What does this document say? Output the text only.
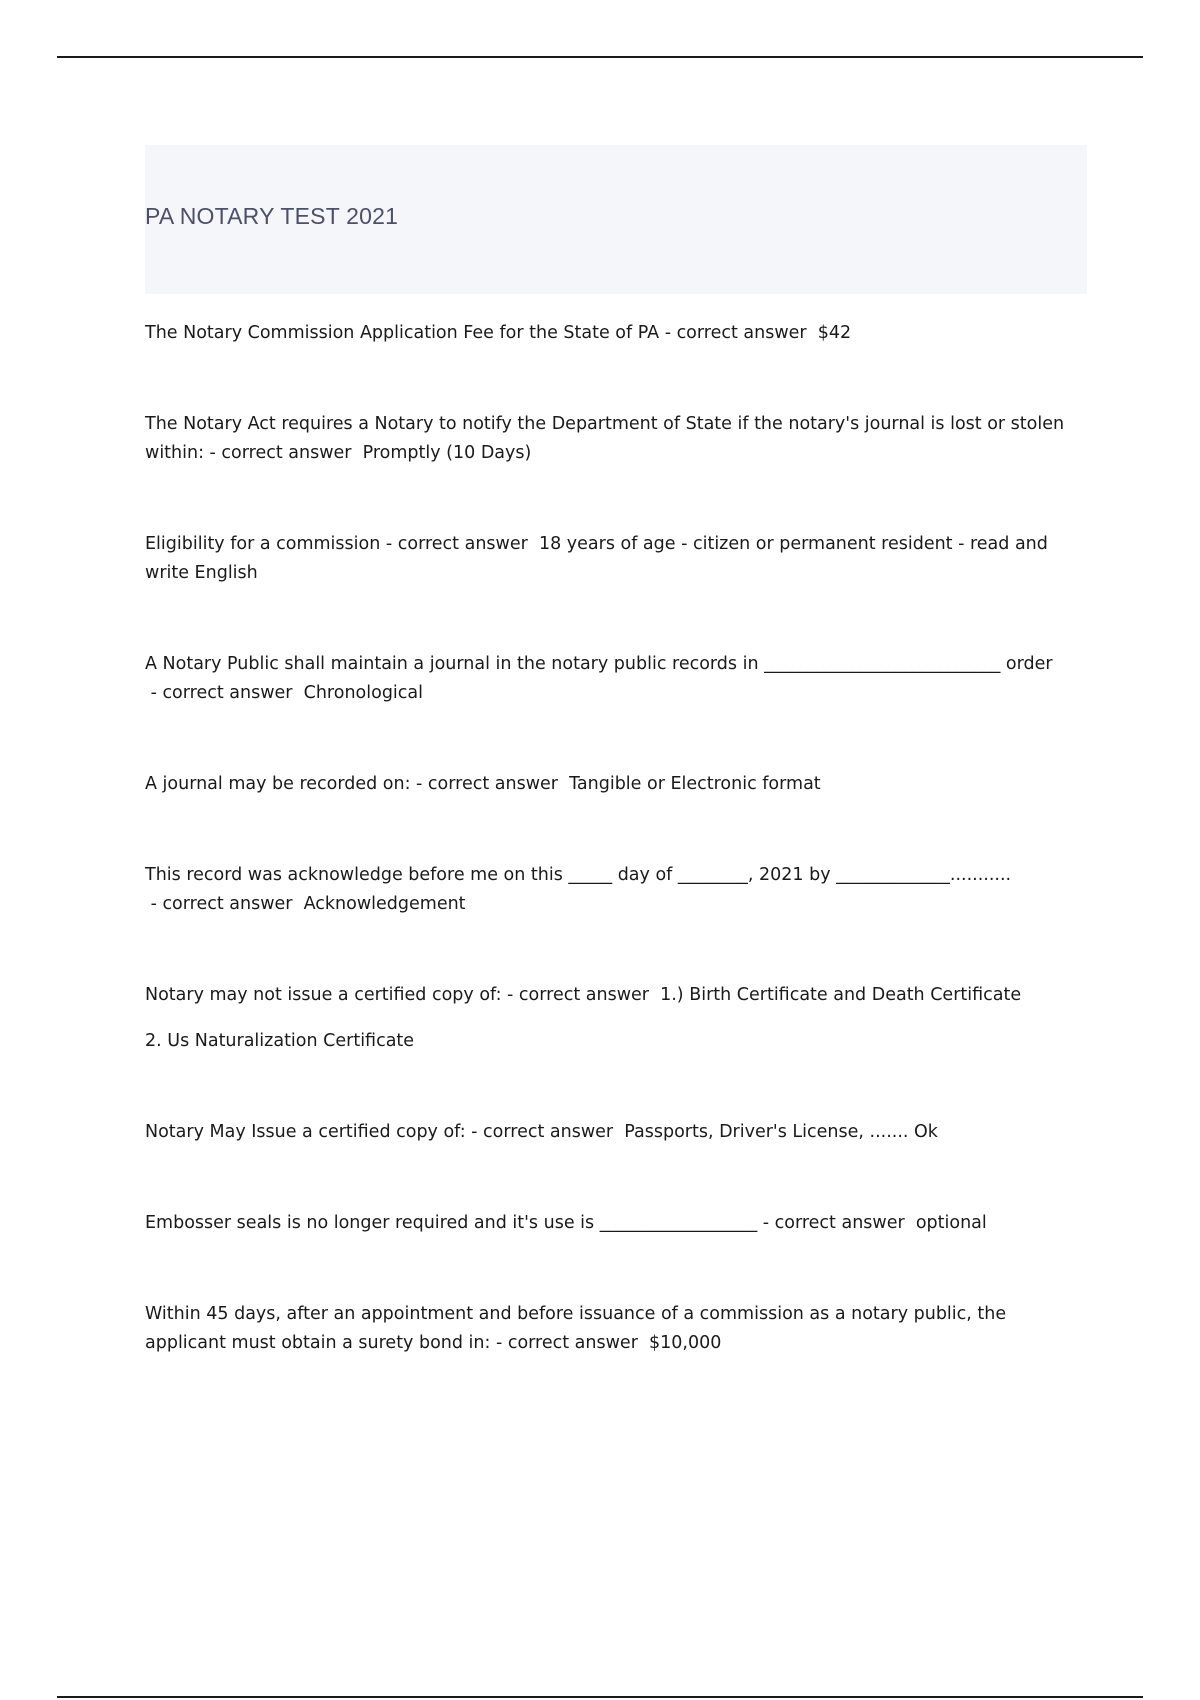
PA NOTARY TEST 2021
The Notary Commission Application Fee for the State of PA - correct answer  $42
The Notary Act requires a Notary to notify the Department of State if the notary's journal is lost or stolen within: - correct answer  Promptly (10 Days)
Eligibility for a commission - correct answer  18 years of age - citizen or permanent resident - read and write English
A Notary Public shall maintain a journal in the notary public records in ___________________________ order - correct answer  Chronological
A journal may be recorded on: - correct answer  Tangible or Electronic format
This record was acknowledge before me on this _____ day of ________, 2021 by _____________........... - correct answer  Acknowledgement
Notary may not issue a certified copy of: - correct answer  1.) Birth Certificate and Death Certificate
2. Us Naturalization Certificate
Notary May Issue a certified copy of: - correct answer  Passports, Driver's License, ....... Ok
Embosser seals is no longer required and it's use is __________________ - correct answer  optional
Within 45 days, after an appointment and before issuance of a commission as a notary public, the applicant must obtain a surety bond in: - correct answer  $10,000
